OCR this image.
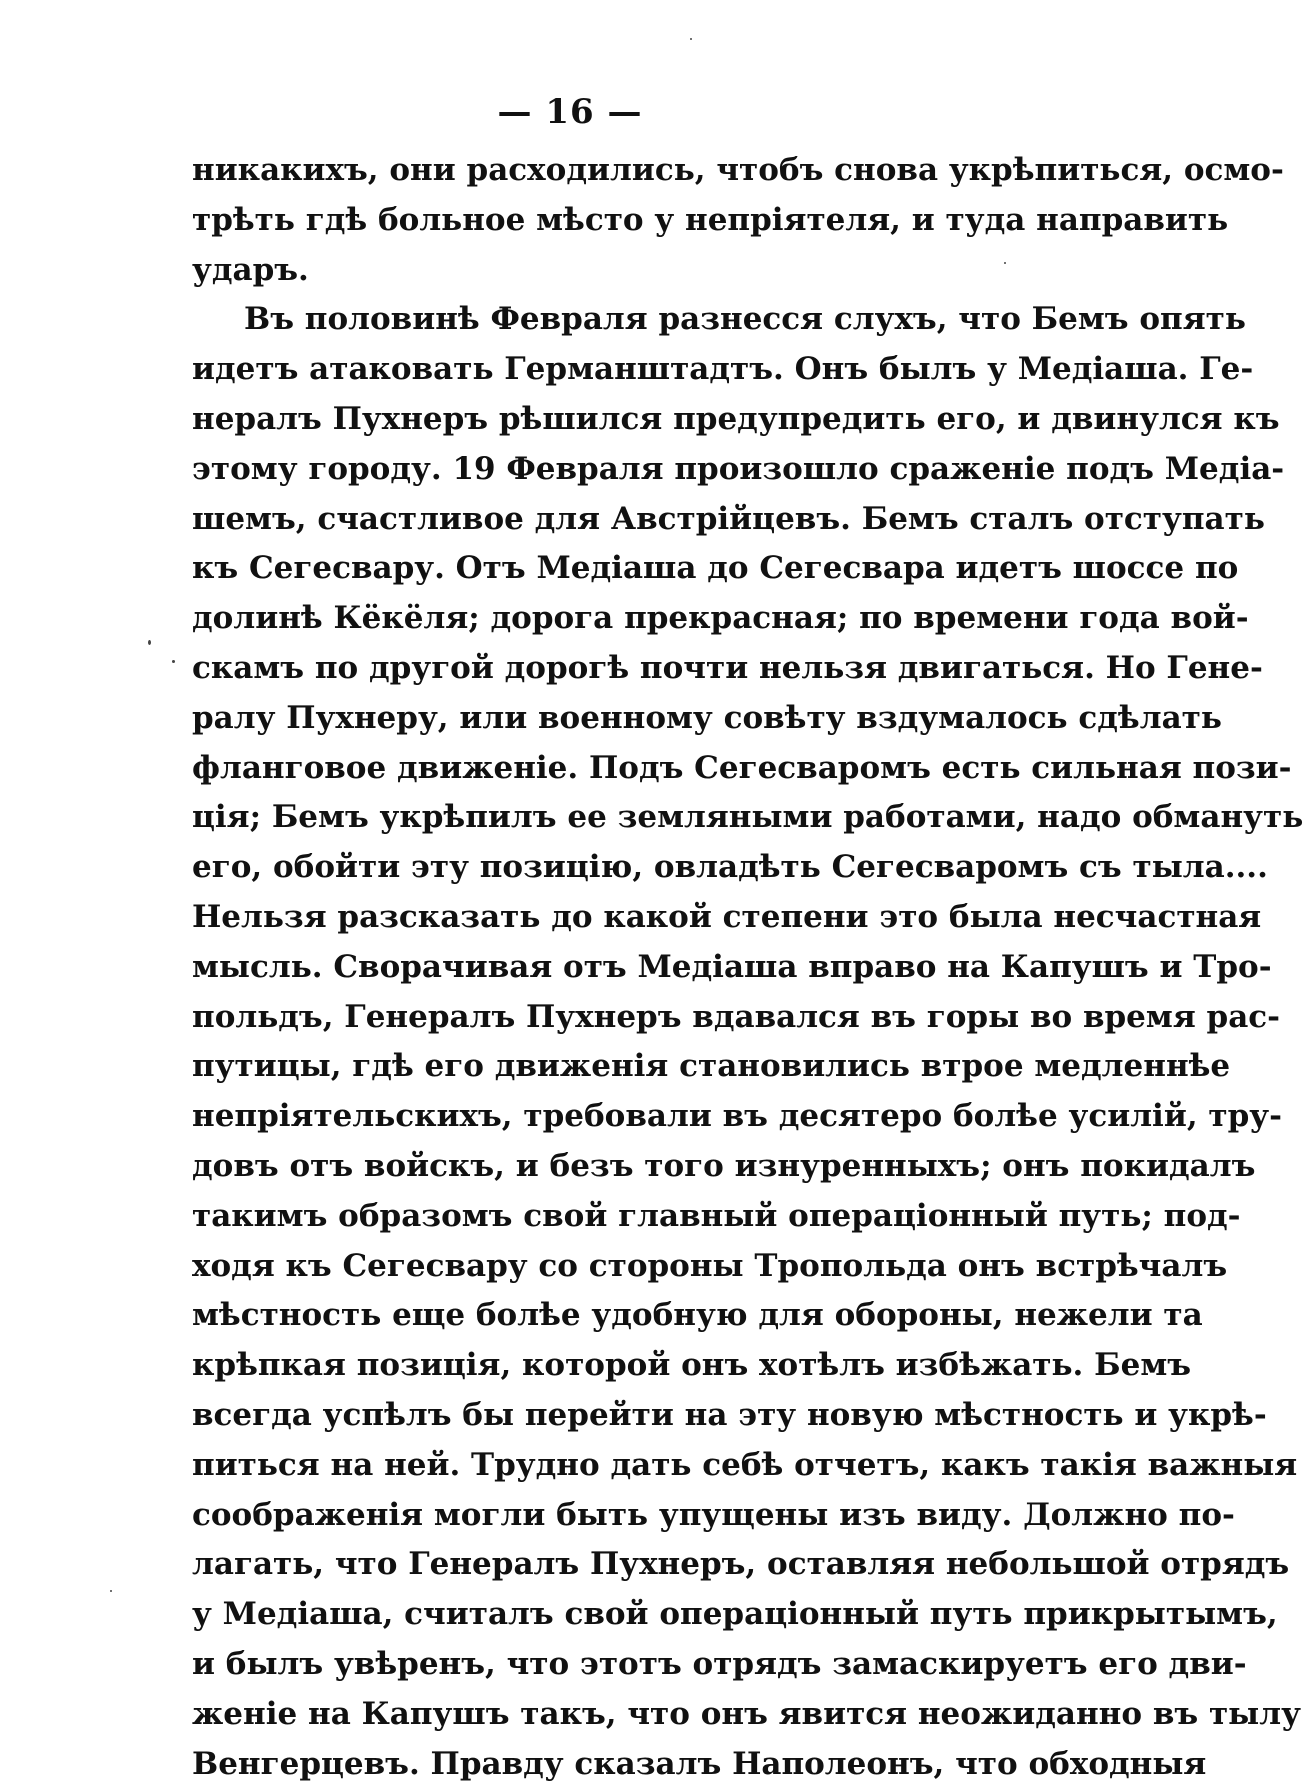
— 16 —
никакихъ, они расходились, чтобъ снова укрѣпиться, осмо-
трѣть гдѣ больное мѣсто у непріятеля, и туда направить
ударъ.
Въ половинѣ Февраля разнесся слухъ, что Бемъ опять
идетъ атаковать Германштадтъ. Онъ былъ у Медіаша. Ге-
нералъ Пухнеръ рѣшился предупредить его, и двинулся къ
этому городу. 19 Февраля произошло сраженіе подъ Медіа-
шемъ, счастливое для Австрійцевъ. Бемъ сталъ отступать
къ Сегесвару. Отъ Медіаша до Сегесвара идетъ шоссе по
долинѣ Кёкёля; дорога прекрасная; по времени года вой-
скамъ по другой дорогѣ почти нельзя двигаться. Но Гене-
ралу Пухнеру, или военному совѣту вздумалось сдѣлать
фланговое движеніе. Подъ Сегесваромъ есть сильная пози-
ція; Бемъ укрѣпилъ ее земляными работами, надо обмануть
его, обойти эту позицію, овладѣть Сегесваромъ съ тыла....
Нельзя разсказать до какой степени это была несчастная
мысль. Сворачивая отъ Медіаша вправо на Капушъ и Тро-
польдъ, Генералъ Пухнеръ вдавался въ горы во время рас-
путицы, гдѣ его движенія становились втрое медленнѣе
непріятельскихъ, требовали въ десятеро болѣе усилій, тру-
довъ отъ войскъ, и безъ того изнуренныхъ; онъ покидалъ
такимъ образомъ свой главный операціонный путь; под-
ходя къ Сегесвару со стороны Тропольда онъ встрѣчалъ
мѣстность еще болѣе удобную для обороны, нежели та
крѣпкая позиція, которой онъ хотѣлъ избѣжать. Бемъ
всегда успѣлъ бы перейти на эту новую мѣстность и укрѣ-
питься на ней. Трудно дать себѣ отчетъ, какъ такія важныя
соображенія могли быть упущены изъ виду. Должно по-
лагать, что Генералъ Пухнеръ, оставляя небольшой отрядъ
у Медіаша, считалъ свой операціонный путь прикрытымъ,
и былъ увѣренъ, что этотъ отрядъ замаскируетъ его дви-
женіе на Капушъ такъ, что онъ явится неожиданно въ тылу
Венгерцевъ. Правду сказалъ Наполеонъ, что обходныя
